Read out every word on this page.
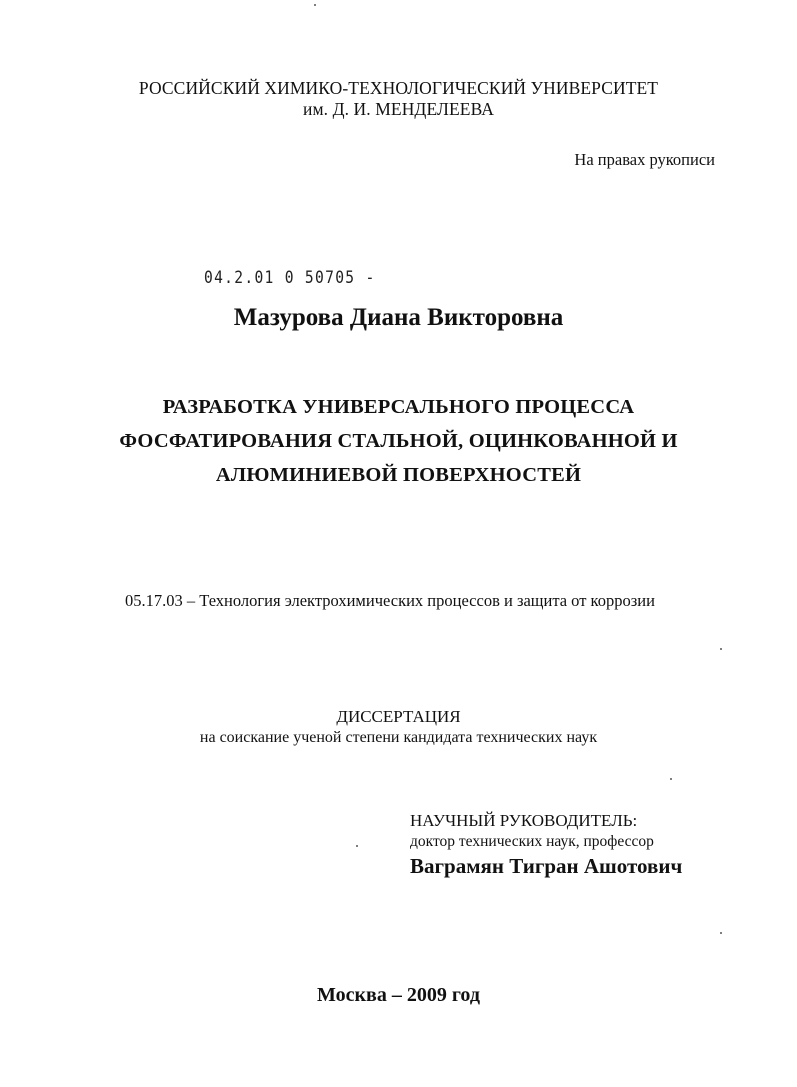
РОССИЙСКИЙ ХИМИКО-ТЕХНОЛОГИЧЕСКИЙ УНИВЕРСИТЕТ
им. Д. И. МЕНДЕЛЕЕВА
На правах рукописи
04.2.01 0 50705 -
Мазурова Диана Викторовна
РАЗРАБОТКА УНИВЕРСАЛЬНОГО ПРОЦЕССА
ФОСФАТИРОВАНИЯ СТАЛЬНОЙ, ОЦИНКОВАННОЙ И
АЛЮМИНИЕВОЙ ПОВЕРХНОСТЕЙ
05.17.03 – Технология электрохимических процессов и защита от коррозии
ДИССЕРТАЦИЯ
на соискание ученой степени кандидата технических наук
НАУЧНЫЙ РУКОВОДИТЕЛЬ:
доктор технических наук, профессор
Ваграмян Тигран Ашотович
Москва – 2009 год
